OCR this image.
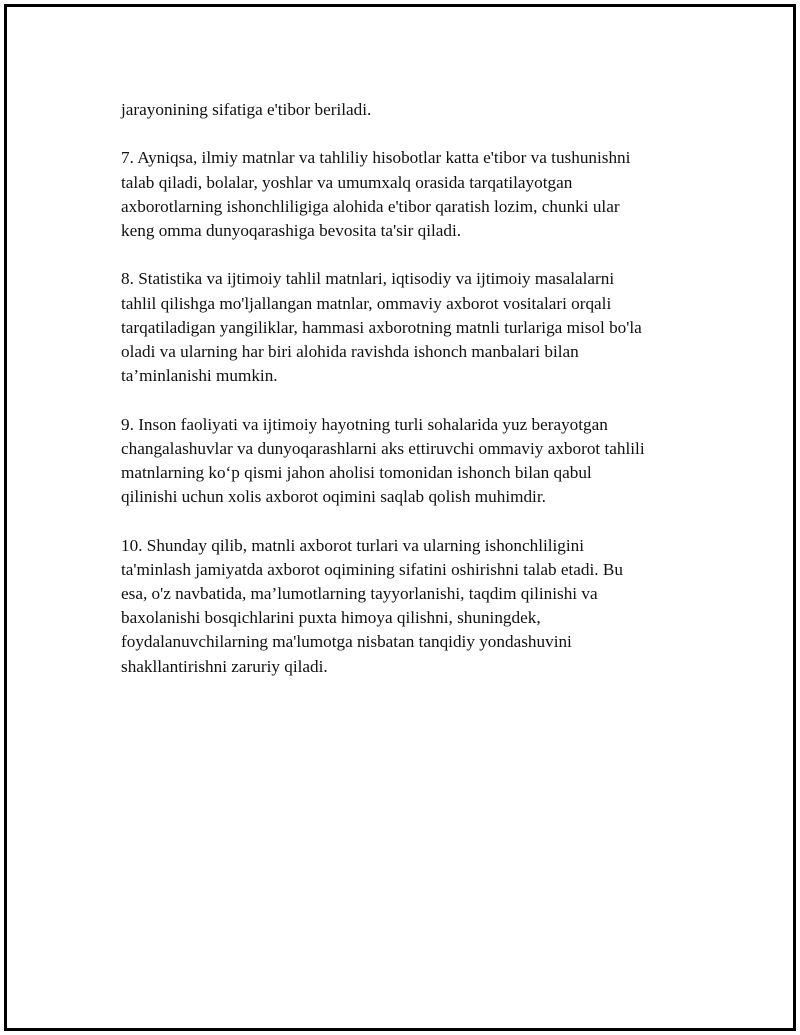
jarayonining sifatiga e'tibor beriladi.

7. Ayniqsa, ilmiy matnlar va tahliliy hisobotlar katta e'tibor va tushunishni
talab qiladi, bolalar, yoshlar va umumxalq orasida tarqatilayotgan
axborotlarning ishonchliligiga alohida e'tibor qaratish lozim, chunki ular
keng omma dunyoqarashiga bevosita ta'sir qiladi.

8. Statistika va ijtimoiy tahlil matnlari, iqtisodiy va ijtimoiy masalalarni
tahlil qilishga mo'ljallangan matnlar, ommaviy axborot vositalari orqali
tarqatiladigan yangiliklar, hammasi axborotning matnli turlariga misol bo'la
oladi va ularning har biri alohida ravishda ishonch manbalari bilan
ta’minlanishi mumkin.

9. Inson faoliyati va ijtimoiy hayotning turli sohalarida yuz berayotgan
changalashuvlar va dunyoqarashlarni aks ettiruvchi ommaviy axborot tahlili
matnlarning ko‘p qismi jahon aholisi tomonidan ishonch bilan qabul
qilinishi uchun xolis axborot oqimini saqlab qolish muhimdir.

10. Shunday qilib, matnli axborot turlari va ularning ishonchliligini
ta'minlash jamiyatda axborot oqimining sifatini oshirishni talab etadi. Bu
esa, o'z navbatida, ma’lumotlarning tayyorlanishi, taqdim qilinishi va
baxolanishi bosqichlarini puxta himoya qilishni, shuningdek,
foydalanuvchilarning ma'lumotga nisbatan tanqidiy yondashuvini
shakllantirishni zaruriy qiladi.
